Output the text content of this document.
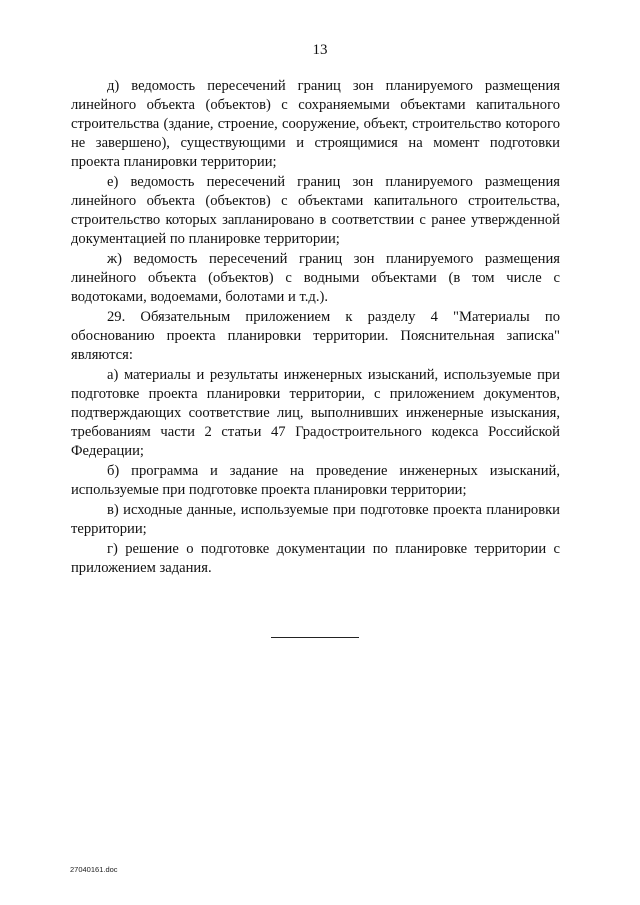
13

д) ведомость пересечений границ зон планируемого размещения линейного объекта (объектов) с сохраняемыми объектами капитального строительства (здание, строение, сооружение, объект, строительство которого не завершено), существующими и строящимися на момент подготовки проекта планировки территории;

е) ведомость пересечений границ зон планируемого размещения линейного объекта (объектов) с объектами капитального строительства, строительство которых запланировано в соответствии с ранее утвержденной документацией по планировке территории;

ж) ведомость пересечений границ зон планируемого размещения линейного объекта (объектов) с водными объектами (в том числе с водотоками, водоемами, болотами и т.д.).

29. Обязательным приложением к разделу 4 "Материалы по обоснованию проекта планировки территории. Пояснительная записка" являются:

а) материалы и результаты инженерных изысканий, используемые при подготовке проекта планировки территории, с приложением документов, подтверждающих соответствие лиц, выполнивших инженерные изыскания, требованиям части 2 статьи 47 Градостроительного кодекса Российской Федерации;

б) программа и задание на проведение инженерных изысканий, используемые при подготовке проекта планировки территории;

в) исходные данные, используемые при подготовке проекта планировки территории;

г) решение о подготовке документации по планировке территории с приложением задания.

27040161.doc
